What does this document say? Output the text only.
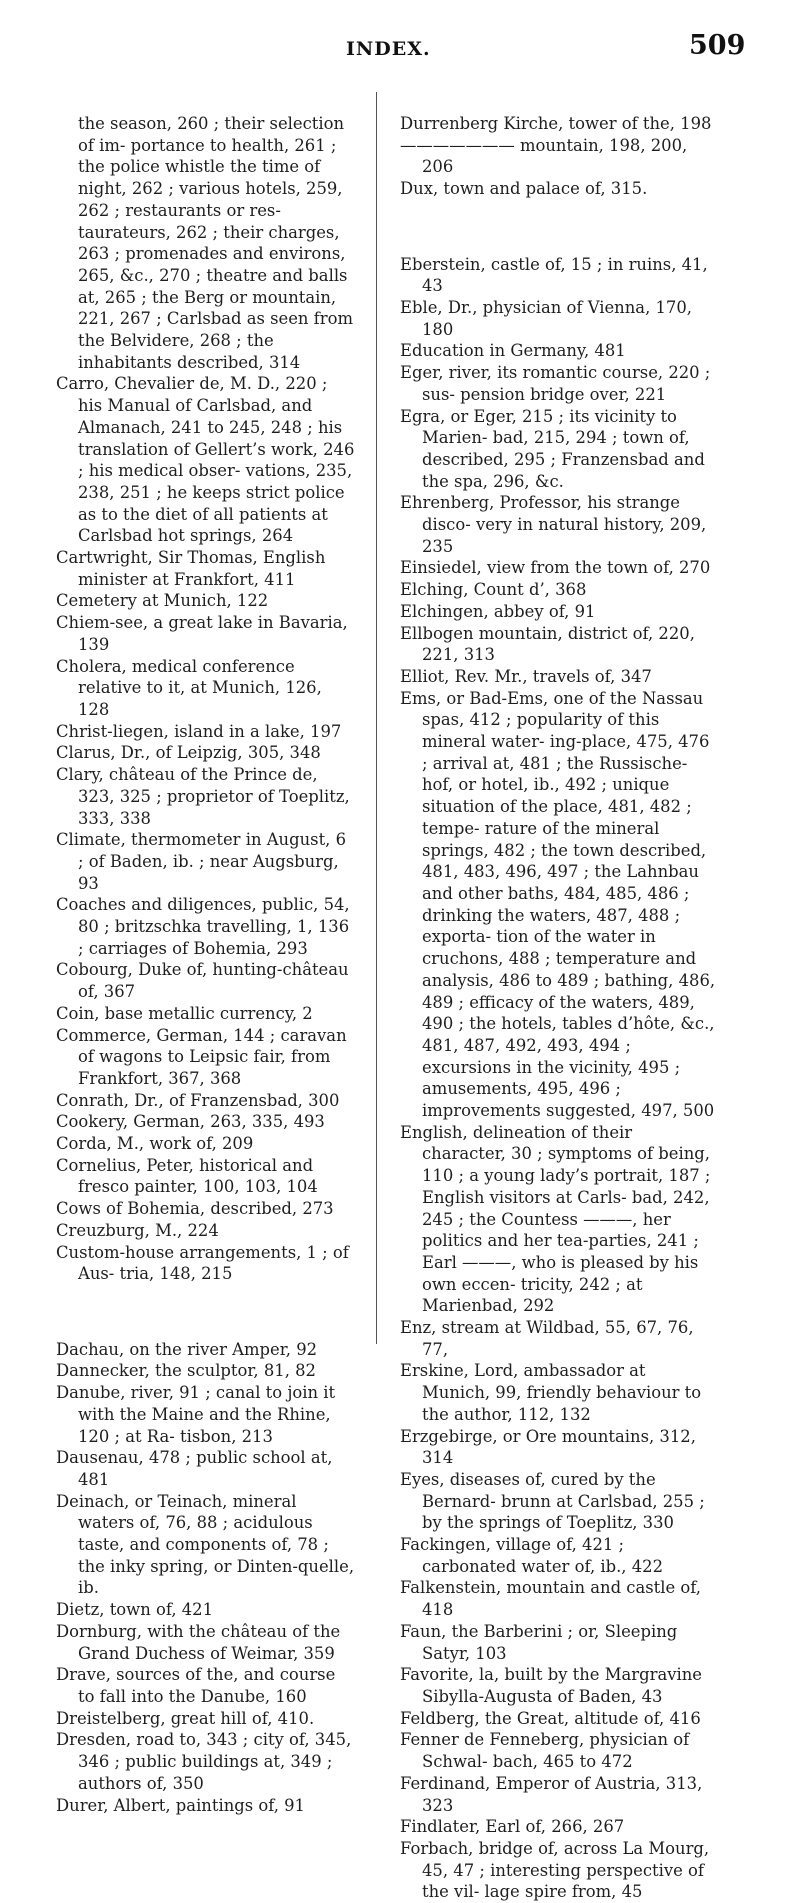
INDEX.	509

the season, 260 ; their selection of im- portance to health, 261 ; the police whistle the time of night, 262 ; various hotels, 259, 262 ; restaurants or res- taurateurs, 262 ; their charges, 263 ; promenades and environs, 265, &c., 270 ; theatre and balls at, 265 ; the Berg or mountain, 221, 267 ; Carlsbad as seen from the Belvidere, 268 ; the inhabitants described, 314

Carro, Chevalier de, M. D., 220 ; his Manual of Carlsbad, and Almanach, 241 to 245, 248 ; his translation of Gellert’s work, 246 ; his medical obser- vations, 235, 238, 251 ; he keeps strict police as to the diet of all patients at Carlsbad hot springs, 264

Cartwright, Sir Thomas, English minister at Frankfort, 411

Cemetery at Munich, 122

Chiem-see, a great lake in Bavaria, 139

Cholera, medical conference relative to it, at Munich, 126, 128

Christ-liegen, island in a lake, 197

Clarus, Dr., of Leipzig, 305, 348

Clary, château of the Prince de, 323, 325 ; proprietor of Toeplitz, 333, 338

Climate, thermometer in August, 6 ; of Baden, ib. ; near Augsburg, 93

Coaches and diligences, public, 54, 80 ; britzschka travelling, 1, 136 ; carriages of Bohemia, 293

Cobourg, Duke of, hunting-château of, 367

Coin, base metallic currency, 2

Commerce, German, 144 ; caravan of wagons to Leipsic fair, from Frankfort, 367, 368

Conrath, Dr., of Franzensbad, 300

Cookery, German, 263, 335, 493

Corda, M., work of, 209

Cornelius, Peter, historical and fresco painter, 100, 103, 104

Cows of Bohemia, described, 273

Creuzburg, M., 224

Custom-house arrangements, 1 ; of Aus- tria, 148, 215

Dachau, on the river Amper, 92

Dannecker, the sculptor, 81, 82

Danube, river, 91 ; canal to join it with the Maine and the Rhine, 120 ; at Ra- tisbon, 213

Dausenau, 478 ; public school at, 481

Deinach, or Teinach, mineral waters of, 76, 88 ; acidulous taste, and components of, 78 ; the inky spring, or Dinten-quelle, ib.

Dietz, town of, 421

Dornburg, with the château of the Grand Duchess of Weimar, 359

Drave, sources of the, and course to fall into the Danube, 160

Dreistelberg, great hill of, 410.

Dresden, road to, 343 ; city of, 345, 346 ; public buildings at, 349 ; authors of, 350

Durer, Albert, paintings of, 91

Durrenberg Kirche, tower of the, 198

——————— mountain, 198, 200, 206

Dux, town and palace of, 315.

Eberstein, castle of, 15 ; in ruins, 41, 43

Eble, Dr., physician of Vienna, 170, 180

Education in Germany, 481

Eger, river, its romantic course, 220 ; sus- pension bridge over, 221

Egra, or Eger, 215 ; its vicinity to Marien- bad, 215, 294 ; town of, described, 295 ; Franzensbad and the spa, 296, &c.

Ehrenberg, Professor, his strange disco- very in natural history, 209, 235

Einsiedel, view from the town of, 270

Elching, Count d’, 368

Elchingen, abbey of, 91

Ellbogen mountain, district of, 220, 221, 313

Elliot, Rev. Mr., travels of, 347

Ems, or Bad-Ems, one of the Nassau spas, 412 ; popularity of this mineral water- ing-place, 475, 476 ; arrival at, 481 ; the Russische-hof, or hotel, ib., 492 ; unique situation of the place, 481, 482 ; tempe- rature of the mineral springs, 482 ; the town described, 481, 483, 496, 497 ; the Lahnbau and other baths, 484, 485, 486 ; drinking the waters, 487, 488 ; exporta- tion of the water in cruchons, 488 ; temperature and analysis, 486 to 489 ; bathing, 486, 489 ; efficacy of the waters, 489, 490 ; the hotels, tables d’hôte, &c., 481, 487, 492, 493, 494 ; excursions in the vicinity, 495 ; amusements, 495, 496 ; improvements suggested, 497, 500

English, delineation of their character, 30 ; symptoms of being, 110 ; a young lady’s portrait, 187 ; English visitors at Carls- bad, 242, 245 ; the Countess ———, her politics and her tea-parties, 241 ; Earl ———, who is pleased by his own eccen- tricity, 242 ; at Marienbad, 292

Enz, stream at Wildbad, 55, 67, 76, 77,

Erskine, Lord, ambassador at Munich, 99, friendly behaviour to the author, 112, 132

Erzgebirge, or Ore mountains, 312, 314

Eyes, diseases of, cured by the Bernard- brunn at Carlsbad, 255 ; by the springs of Toeplitz, 330

Fackingen, village of, 421 ; carbonated water of, ib., 422

Falkenstein, mountain and castle of, 418

Faun, the Barberini ; or, Sleeping Satyr, 103

Favorite, la, built by the Margravine Sibylla-Augusta of Baden, 43

Feldberg, the Great, altitude of, 416

Fenner de Fenneberg, physician of Schwal- bach, 465 to 472

Ferdinand, Emperor of Austria, 313, 323

Findlater, Earl of, 266, 267

Forbach, bridge of, across La Mourg, 45, 47 ; interesting perspective of the vil- lage spire from, 45
